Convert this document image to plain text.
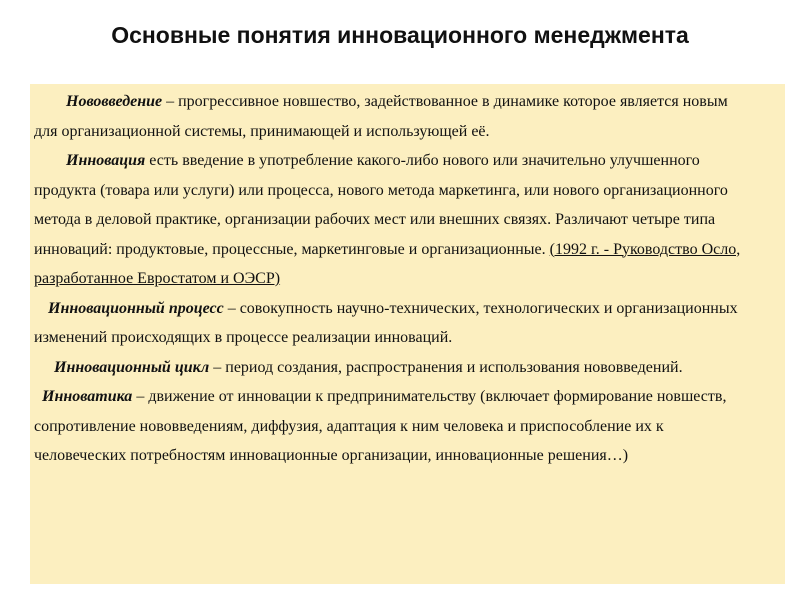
Основные понятия инновационного менеджмента

Нововведение – прогрессивное новшество, задействованное в динамике которое является новым для организационной системы, принимающей и использующей её.

Инновация есть введение в употребление какого-либо нового или значительно улучшенного продукта (товара или услуги) или процесса, нового метода маркетинга, или нового организационного метода в деловой практике, организации рабочих мест или внешних связях. Различают четыре типа инноваций: продуктовые, процессные, маркетинговые и организационные. (1992 г. - Руководство Осло, разработанное Евростатом и ОЭСР)

Инновационный процесс – совокупность научно-технических, технологических и организационных изменений происходящих в процессе реализации инноваций.

Инновационный цикл – период создания, распространения и использования нововведений.

Инноватика – движение от инновации к предпринимательству (включает формирование новшеств, сопротивление нововведениям, диффузия, адаптация к ним человека и приспособление их к человеческих потребностям инновационные организации, инновационные решения…)
